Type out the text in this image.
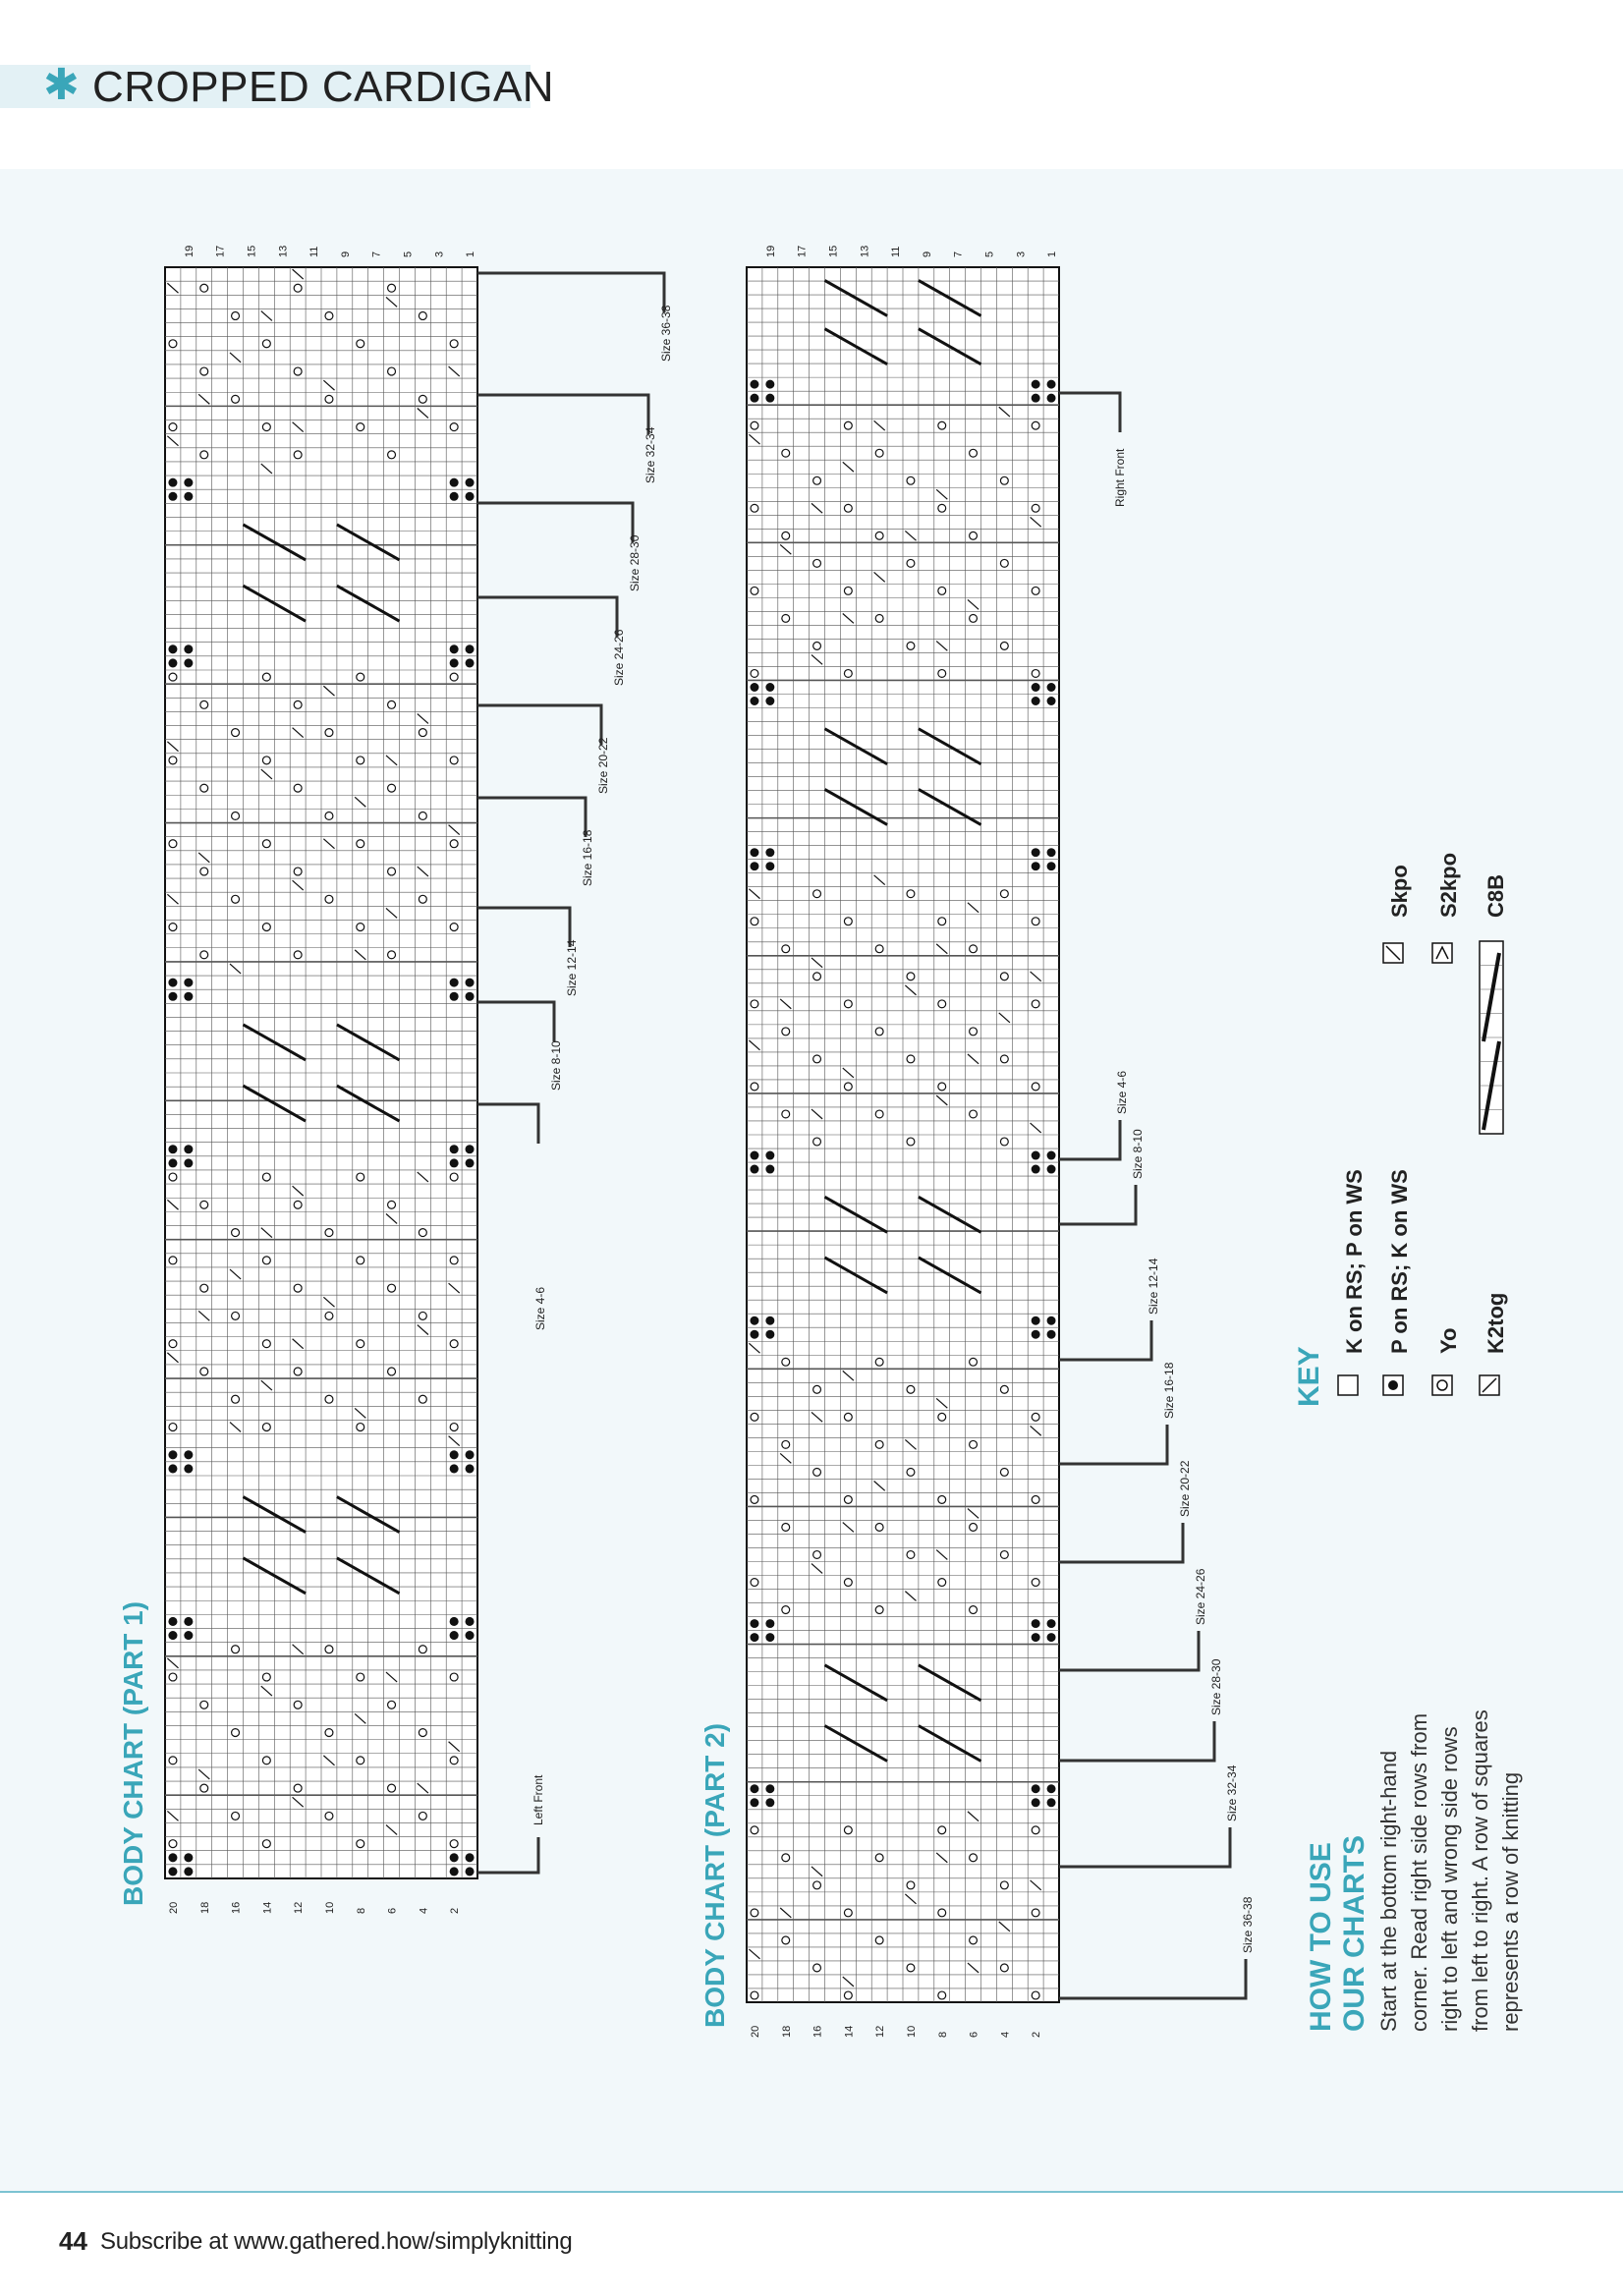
✱ CROPPED CARDIGAN
19 17 15 13 11 9 7 5 3 1
20 18 16 14 12 10 8 6 4 2
19 17 15 13 11 9 7 5 3 1
20 18 16 14 12 10 8 6 4 2
Size 4-6
Size 8-10
Size 12-14
Size 16-18
Size 20-22
Size 24-26
Size 28-30
Size 32-34
Size 36-38
Left Front
Size 4-6
Size 8-10
Size 12-14
Size 16-18
Size 20-22
Size 24-26
Size 28-30
Size 32-34
Size 36-38
Right Front
BODY CHART (PART 1)	BODY CHART (PART 2)
KEY
K on RS; P on WS P on RS; K on WS Yo K2tog
Skpo S2kpo C8B
HOW TO USE OUR CHARTS Start at the bottom right-hand corner. Read right side rows from right to left and wrong side rows from left to right. A row of squares represents a row of knitting
44 Subscribe at www.gathered.how/simplyknitting
